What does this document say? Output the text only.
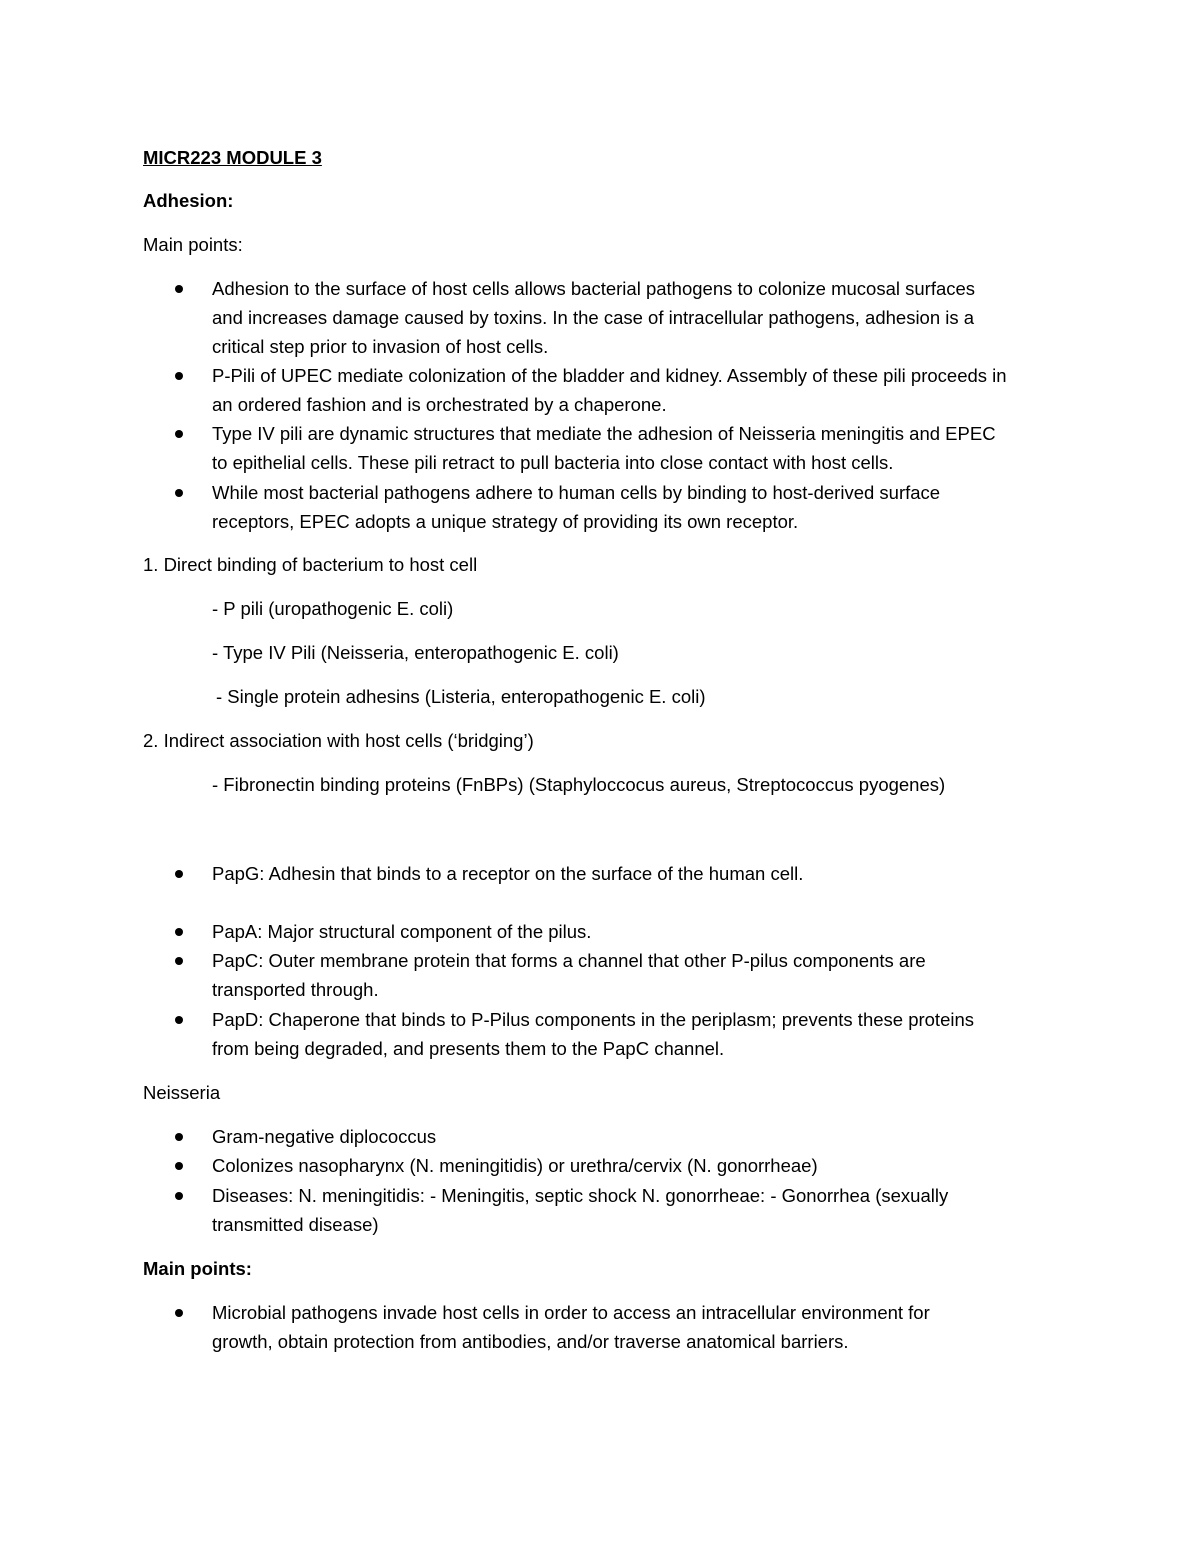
MICR223 MODULE 3
Adhesion:
Main points:
Adhesion to the surface of host cells allows bacterial pathogens to colonize mucosal surfaces
and increases damage caused by toxins. In the case of intracellular pathogens, adhesion is a
critical step prior to invasion of host cells.
P-Pili of UPEC mediate colonization of the bladder and kidney. Assembly of these pili proceeds in
an ordered fashion and is orchestrated by a chaperone.
Type IV pili are dynamic structures that mediate the adhesion of Neisseria meningitis and EPEC
to epithelial cells. These pili retract to pull bacteria into close contact with host cells.
While most bacterial pathogens adhere to human cells by binding to host-derived surface
receptors, EPEC adopts a unique strategy of providing its own receptor.
1. Direct binding of bacterium to host cell
- P pili (uropathogenic E. coli)
- Type IV Pili (Neisseria, enteropathogenic E. coli)
- Single protein adhesins (Listeria, enteropathogenic E. coli)
2. Indirect association with host cells (‘bridging’)
- Fibronectin binding proteins (FnBPs) (Staphyloccocus aureus, Streptococcus pyogenes)
PapG: Adhesin that binds to a receptor on the surface of the human cell.
PapA: Major structural component of the pilus.
PapC: Outer membrane protein that forms a channel that other P-pilus components are
transported through.
PapD: Chaperone that binds to P-Pilus components in the periplasm; prevents these proteins
from being degraded, and presents them to the PapC channel.
Neisseria
Gram-negative diplococcus
Colonizes nasopharynx (N. meningitidis) or urethra/cervix (N. gonorrheae)
Diseases: N. meningitidis: - Meningitis, septic shock N. gonorrheae: - Gonorrhea (sexually
transmitted disease)
Main points:
Microbial pathogens invade host cells in order to access an intracellular environment for
growth, obtain protection from antibodies, and/or traverse anatomical barriers.
